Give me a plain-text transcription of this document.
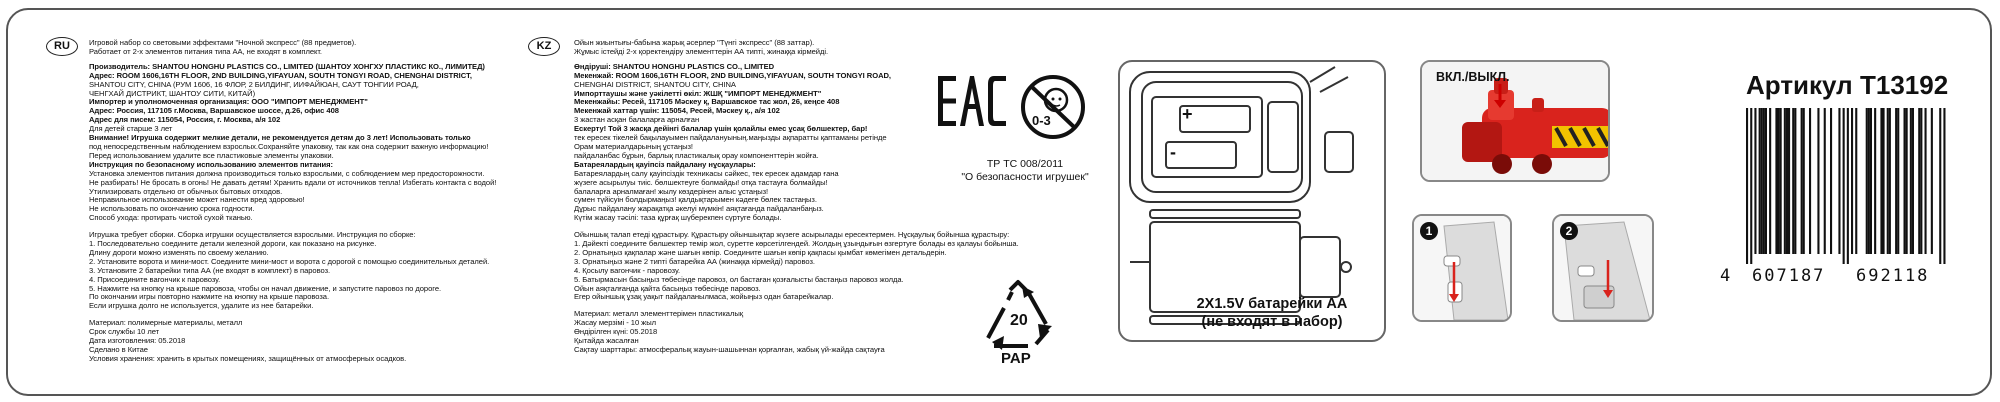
RU	Игровой набор со световыми эффектами "Ночной экспресс" (88 предметов).
Работает от 2-х элементов питания типа АА, не входят в комплект.
Производитель: SHANTOU HONGHU PLASTICS CO., LIMITED (ШАНТОУ ХОНГХУ ПЛАСТИКС КО., ЛИМИТЕД)
Адрес: ROOM 1606,16TH FLOOR, 2ND BUILDING,YIFAYUAN, SOUTH TONGYI ROAD, CHENGHAI DISTRICT,
SHANTOU CITY, CHINA (РУМ 1606, 16 ФЛОР, 2 БИЛДИНГ, ИИФАЙЮАН, САУТ ТОНГИИ РОАД,
ЧЕНГХАЙ ДИСТРИКТ, ШАНТОУ СИТИ, КИТАЙ)
Импортер и уполномоченная организация: ООО "ИМПОРТ МЕНЕДЖМЕНТ"
Адрес: Россия, 117105 г.Москва, Варшавское шоссе, д.26, офис 408
Адрес для писем: 115054, Россия, г. Москва, а/я 102
Для детей старше 3 лет
Внимание! Игрушка содержит мелкие детали, не рекомендуется детям до 3 лет! Использовать только
под непосредственным наблюдением взрослых.Сохраняйте упаковку, так как она содержит важную информацию!
Перед использованием удалите все пластиковые элементы упаковки.
Инструкция по безопасному использованию элементов питания:
Установка элементов питания должна производиться только взрослыми, с соблюдением мер предосторожности.
Не разбирать! Не бросать в огонь! Не давать детям! Хранить вдали от источников тепла! Избегать контакта с водой!
Утилизировать отдельно от обычных бытовых отходов.
Неправильное использование может нанести вред здоровью!
Не использовать по окончанию срока годности.
Способ ухода: протирать чистой сухой тканью.
Игрушка требует сборки. Сборка игрушки осуществляется взрослыми. Инструкция по сборке:
1. Последовательно соедините детали железной дороги, как показано на рисунке.
Длину дороги можно изменять по своему желанию.
2. Установите ворота и мини-мост. Соедините мини-мост и ворота с дорогой с помощью соединительных деталей.
3. Установите 2 батарейки типа АА (не входят в комплект) в паровоз.
4. Присоедините вагончик к паровозу.
5. Нажмите на кнопку на крыше паровоза, чтобы он начал движение, и запустите паровоз по дороге.
По окончании игры повторно нажмите на кнопку на крыше паровоза.
Если игрушка долго не используется, удалите из нее батарейки.
Материал: полимерные материалы, металл
Срок службы 10 лет
Дата изготовления: 05.2018
Сделано в Китае
Условия хранения: хранить в крытых помещениях, защищённых от атмосферных осадков.
KZ	Ойын жиынтығы-бабына жарық әсерлер "Түнгі экспресс" (88 заттар).
Жұмыс істейді 2-х қоректендіру элементтерін АА типті, жинаққа кірмейді.
Өндіруші: SHANTOU HONGHU PLASTICS CO., LIMITED
Мекенжай: ROOM 1606,16TH FLOOR, 2ND BUILDING,YIFAYUAN, SOUTH TONGYI ROAD,
CHENGHAI DISTRICT, SHANTOU CITY, CHINA
Импорттаушы және уәкілетті өкіл: ЖШҚ "ИМПОРТ МЕНЕДЖМЕНТ"
Мекенжайы: Ресей, 117105 Мәскеу қ, Варшавское тас жол, 26, кеңсе 408
Мекенжай хаттар үшін: 115054, Ресей, Мәскеу қ., а/я 102
3 жастан асқан балаларға арналған
Ескерту! Той 3 жасқа дейінгі балалар үшін қолайлы емес ұсақ бөлшектер, бар!
тек ересек тікелей бақылауымен пайдалануының.маңызды ақпаратты қаптаманы ретінде
Орам материалдарының ұстаңыз!
пайдаланбас бұрын, барлық пластикалық орау компоненттерін жойға.
Батареялардың қауіпсіз пайдалану нұсқаулары:
Батареялардың салу қауіпсіздік техникасы сәйкес, тек ересек адамдар ғана
жүзеге асырылуы тиіс. бөлшектеуге болмайды! отқа тастауға болмайды!
балаларға арналмаған! жылу көздерінен алыс ұстаңыз!
сумен түйісуін болдырмаңыз! қалдықтарымен кәдеге бөлек тастаңыз.
Дұрыс пайдалану жарақатқа әкелуі мүмкін! аяқтағанда пайдаланбаңыз.
Күтім жасау тәсілі: таза құрғақ шүберекпен сүртуге болады.
Ойыншық талап етеді құрастыру. Құрастыру ойыншықтар жүзеге асырылады ересектермен. Нұсқаулық бойынша құрастыру:
1. Дәйекті соедините бөлшектер темір жол, суретте көрсетілгендей. Жолдың ұзындығын өзгертуге болады өз қалауы бойынша.
2. Орнатыңыз қақпалар және шағын көпір. Соедините шағын көпір қақпасы қымбат көмегімен детальдерін.
3. Орнатыңыз және 2 типті батарейка АА (жинаққа кірмейді) паровоз.
4. Қосылу вагончик - паровозу.
5. Батырмасын басыңыз төбесінде паровоз, ол бастаған қозғалысты бастаңыз паровоз жолда.
Ойын аяқталғанда қайта басыңыз төбесінде паровоз.
Егер ойыншық ұзақ уақыт пайдаланылмаса, жойыңыз одан батарейкалар.
Материал: металл элементтерімен пластикалық
Жасау мерзімі - 10 жыл
Өндірілген күні: 05.2018
Қытайда жасалған
Сақтау шарттары: атмосфералық жауын-шашыннан қорғалған, жабық үй-жайда сақтауға
0-3
ТР ТС 008/2011
"О безопасности игрушек"
20
PAP
+
-
2X1.5V батарейки АА
(не входят в набор)
ВКЛ./ВЫКЛ.
1	2
Артикул T13192
4 607187 692118
